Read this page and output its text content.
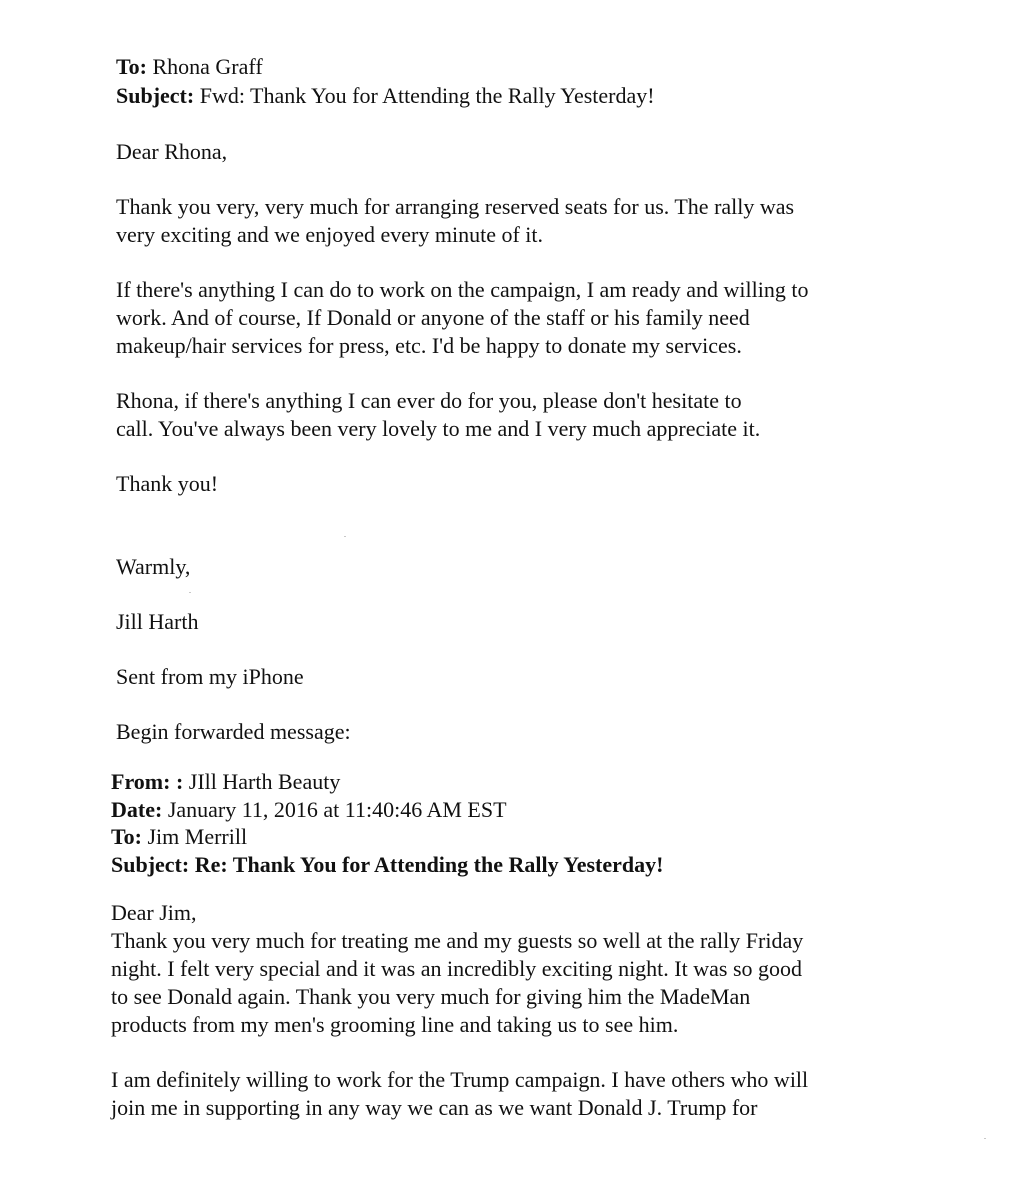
To: Rhona Graff
Subject: Fwd: Thank You for Attending the Rally Yesterday!
Dear Rhona,
Thank you very, very much for arranging reserved seats for us. The rally was
very exciting and we enjoyed every minute of it.
If there's anything I can do to work on the campaign, I am ready and willing to
work. And of course, If Donald or anyone of the staff or his family need
makeup/hair services for press, etc. I'd be happy to donate my services.
Rhona, if there's anything I can ever do for you, please don't hesitate to
call. You've always been very lovely to me and I very much appreciate it.
Thank you!
Warmly,
Jill Harth
Sent from my iPhone
Begin forwarded message:
From: : JIll Harth Beauty
Date: January 11, 2016 at 11:40:46 AM EST
To: Jim Merrill
Subject: Re: Thank You for Attending the Rally Yesterday!
Dear Jim,
Thank you very much for treating me and my guests so well at the rally Friday
night. I felt very special and it was an incredibly exciting night. It was so good
to see Donald again. Thank you very much for giving him the MadeMan
products from my men's grooming line and taking us to see him.
I am definitely willing to work for the Trump campaign. I have others who will
join me in supporting in any way we can as we want Donald J. Trump for
